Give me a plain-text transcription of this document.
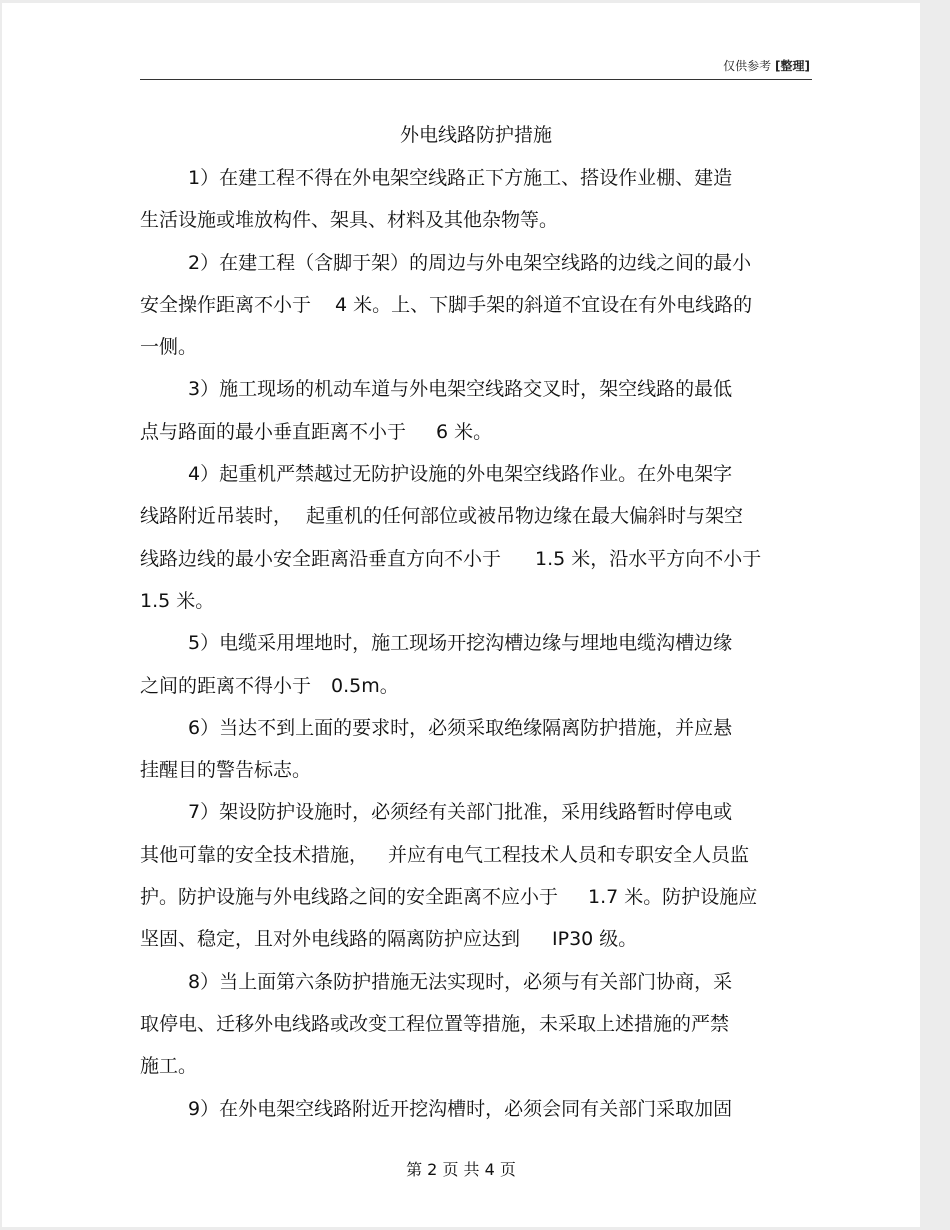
仅供参考 [整理]
外电线路防护措施
1）在建工程不得在外电架空线路正下方施工、搭设作业棚、建造
生活设施或堆放构件、架具、材料及其他杂物等。
2）在建工程（含脚于架）的周边与外电架空线路的边线之间的最小
安全操作距离不小于 4 米。上、下脚手架的斜道不宜设在有外电线路的
一侧。
3）施工现场的机动车道与外电架空线路交叉时，架空线路的最低
点与路面的最小垂直距离不小于 6 米。
4）起重机严禁越过无防护设施的外电架空线路作业。在外电架字
线路附近吊装时， 起重机的任何部位或被吊物边缘在最大偏斜时与架空
线路边线的最小安全距离沿垂直方向不小于 1.5 米，沿水平方向不小于
1.5 米。
5）电缆采用埋地时，施工现场开挖沟槽边缘与埋地电缆沟槽边缘
之间的距离不得小于 0.5m。
6）当达不到上面的要求时，必须采取绝缘隔离防护措施，并应悬
挂醒目的警告标志。
7）架设防护设施时，必须经有关部门批准，采用线路暂时停电或
其他可靠的安全技术措施， 并应有电气工程技术人员和专职安全人员监
护。防护设施与外电线路之间的安全距离不应小于 1.7 米。防护设施应
坚固、稳定，且对外电线路的隔离防护应达到 IP30 级。
8）当上面第六条防护措施无法实现时，必须与有关部门协商，采
取停电、迁移外电线路或改变工程位置等措施，未采取上述措施的严禁
施工。
9）在外电架空线路附近开挖沟槽时，必须会同有关部门采取加固
第 2 页 共 4 页
